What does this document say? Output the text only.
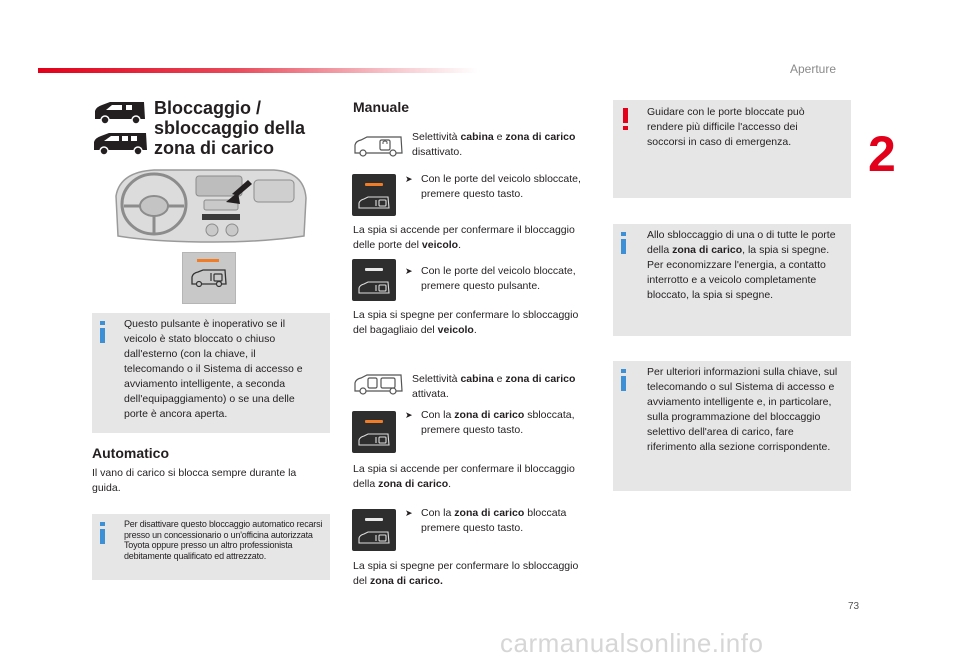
Aperture
2
Bloccaggio / sbloccaggio della zona di carico
Questo pulsante è inoperativo se il veicolo è stato bloccato o chiuso dall'esterno (con la chiave, il telecomando o il Sistema di accesso e avviamento intelligente, a seconda dell'equipaggiamento) o se una delle porte è ancora aperta.
Automatico
Il vano di carico si blocca sempre durante la guida.
Per disattivare questo bloccaggio automatico recarsi presso un concessionario o un'officina autorizzata Toyota oppure presso un altro professionista debitamente qualificato ed attrezzato.
Manuale
Selettività cabina e zona di carico disattivato.
➤ Con le porte del veicolo sbloccate, premere questo tasto.
La spia si accende per confermare il bloccaggio delle porte del veicolo.
➤ Con le porte del veicolo bloccate, premere questo pulsante.
La spia si spegne per confermare lo sbloccaggio del bagagliaio del veicolo.
Selettività cabina e zona di carico attivata.
➤ Con la zona di carico sbloccata, premere questo tasto.
La spia si accende per confermare il bloccaggio della zona di carico.
➤ Con la zona di carico bloccata premere questo tasto.
La spia si spegne per confermare lo sbloccaggio del zona di carico.
Guidare con le porte bloccate può rendere più difficile l'accesso dei soccorsi in caso di emergenza.
Allo sbloccaggio di una o di tutte le porte della zona di carico, la spia si spegne.
Per economizzare l'energia, a contatto interrotto e a veicolo completamente bloccato, la spia si spegne.
Per ulteriori informazioni sulla chiave, sul telecomando o sul Sistema di accesso e avviamento intelligente e, in particolare, sulla programmazione del bloccaggio selettivo dell'area di carico, fare riferimento alla sezione corrispondente.
73
carmanualsonline.info
